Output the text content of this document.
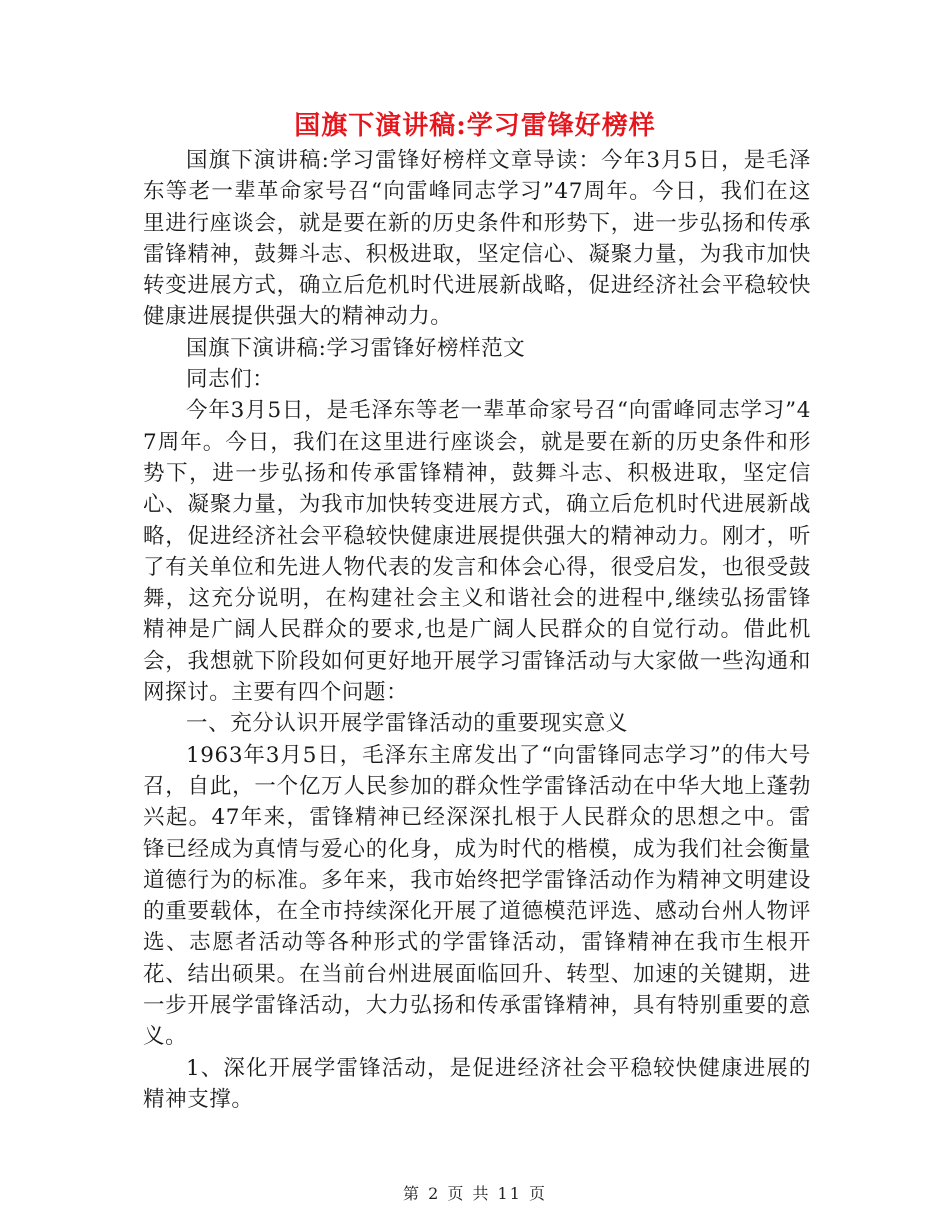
国旗下演讲稿:学习雷锋好榜样

国旗下演讲稿:学习雷锋好榜样文章导读：今年3月5日，是毛泽东等老一辈革命家号召“向雷峰同志学习”47周年。今日，我们在这里进行座谈会，就是要在新的历史条件和形势下，进一步弘扬和传承雷锋精神，鼓舞斗志、积极进取，坚定信心、凝聚力量，为我市加快转变进展方式，确立后危机时代进展新战略，促进经济社会平稳较快健康进展提供强大的精神动力。

国旗下演讲稿:学习雷锋好榜样范文

同志们：

今年3月5日，是毛泽东等老一辈革命家号召“向雷峰同志学习”47周年。今日，我们在这里进行座谈会，就是要在新的历史条件和形势下，进一步弘扬和传承雷锋精神，鼓舞斗志、积极进取，坚定信心、凝聚力量，为我市加快转变进展方式，确立后危机时代进展新战略，促进经济社会平稳较快健康进展提供强大的精神动力。刚才，听了有关单位和先进人物代表的发言和体会心得，很受启发，也很受鼓舞，这充分说明，在构建社会主义和谐社会的进程中,继续弘扬雷锋精神是广阔人民群众的要求,也是广阔人民群众的自觉行动。借此机会，我想就下阶段如何更好地开展学习雷锋活动与大家做一些沟通和网探讨。主要有四个问题：

一、充分认识开展学雷锋活动的重要现实意义

1963年3月5日，毛泽东主席发出了“向雷锋同志学习”的伟大号召，自此，一个亿万人民参加的群众性学雷锋活动在中华大地上蓬勃兴起。47年来，雷锋精神已经深深扎根于人民群众的思想之中。雷锋已经成为真情与爱心的化身，成为时代的楷模，成为我们社会衡量道德行为的标准。多年来，我市始终把学雷锋活动作为精神文明建设的重要载体，在全市持续深化开展了道德模范评选、感动台州人物评选、志愿者活动等各种形式的学雷锋活动，雷锋精神在我市生根开花、结出硕果。在当前台州进展面临回升、转型、加速的关键期，进一步开展学雷锋活动，大力弘扬和传承雷锋精神，具有特别重要的意义。

1、深化开展学雷锋活动，是促进经济社会平稳较快健康进展的精神支撑。

第 2 页 共 11 页
